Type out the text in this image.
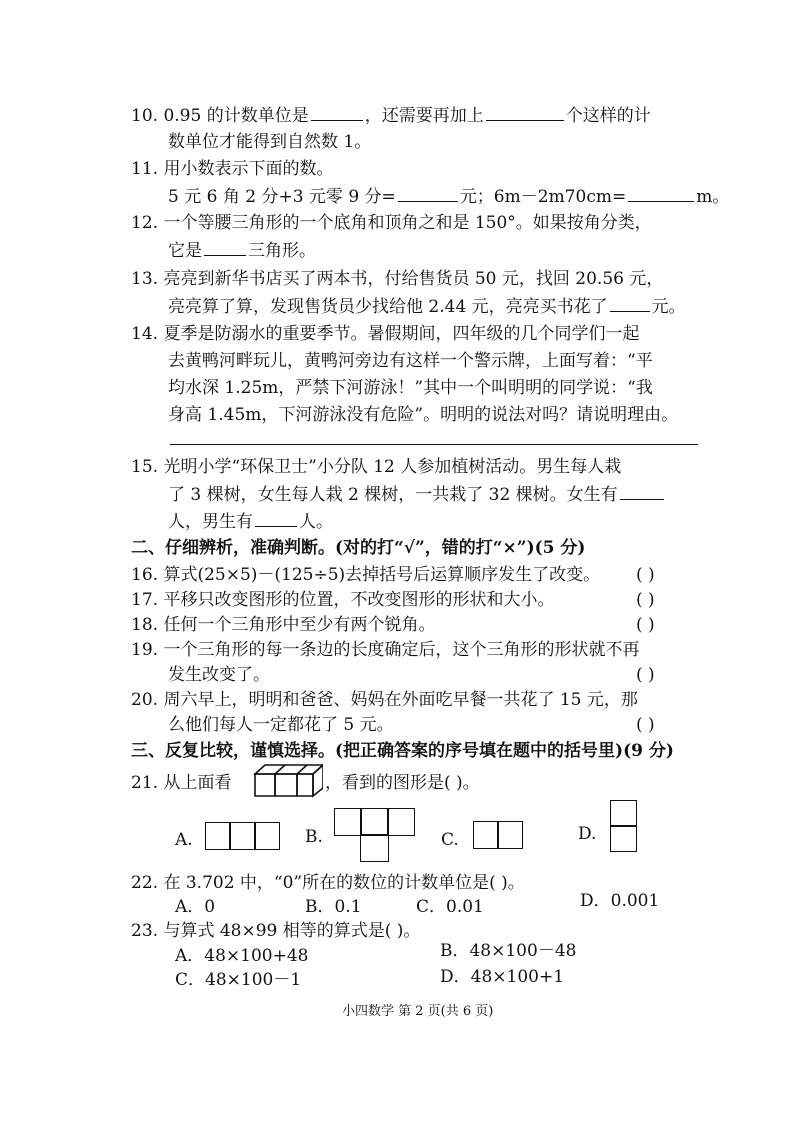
10. 0.95 的计数单位是	，还需要再加上	个这样的计
数单位才能得到自然数 1。
11. 用小数表示下面的数。
5 元 6 角 2 分+3 元零 9 分=	元；6m－2m70cm=	m。
12. 一个等腰三角形的一个底角和顶角之和是 150°。如果按角分类，
它是	三角形。
13. 亮亮到新华书店买了两本书，付给售货员 50 元，找回 20.56 元，
亮亮算了算，发现售货员少找给他 2.44 元，亮亮买书花了	元。
14. 夏季是防溺水的重要季节。暑假期间，四年级的几个同学们一起
去黄鸭河畔玩儿，黄鸭河旁边有这样一个警示牌，上面写着：“平
均水深 1.25m，严禁下河游泳！”其中一个叫明明的同学说：“我
身高 1.45m，下河游泳没有危险”。明明的说法对吗？请说明理由。
15. 光明小学“环保卫士”小分队 12 人参加植树活动。男生每人栽
了 3 棵树，女生每人栽 2 棵树，一共栽了 32 棵树。女生有
人，男生有	人。
二、仔细辨析，准确判断。(对的打“√”，错的打“×”)(5 分)
16. 算式(25×5)－(125÷5)去掉括号后运算顺序发生了改变。 ( )
17. 平移只改变图形的位置，不改变图形的形状和大小。	( )
18. 任何一个三角形中至少有两个锐角。	( )
19. 一个三角形的每一条边的长度确定后，这个三角形的形状就不再
发生改变了。	( )
20. 周六早上，明明和爸爸、妈妈在外面吃早餐一共花了 15 元，那
么他们每人一定都花了 5 元。	( )
三、反复比较，谨慎选择。(把正确答案的序号填在题中的括号里)(9 分)
21. 从上面看	，看到的图形是( )。
A.	B.	C.	D.
22. 在 3.702 中，“0”所在的数位的计数单位是( )。
A．0	B．0.1	C．0.01	D．0.001
23. 与算式 48×99 相等的算式是( )。
A．48×100+48	B．48×100－48
C．48×100－1	D．48×100+1
小四数学 第 2 页(共 6 页)
